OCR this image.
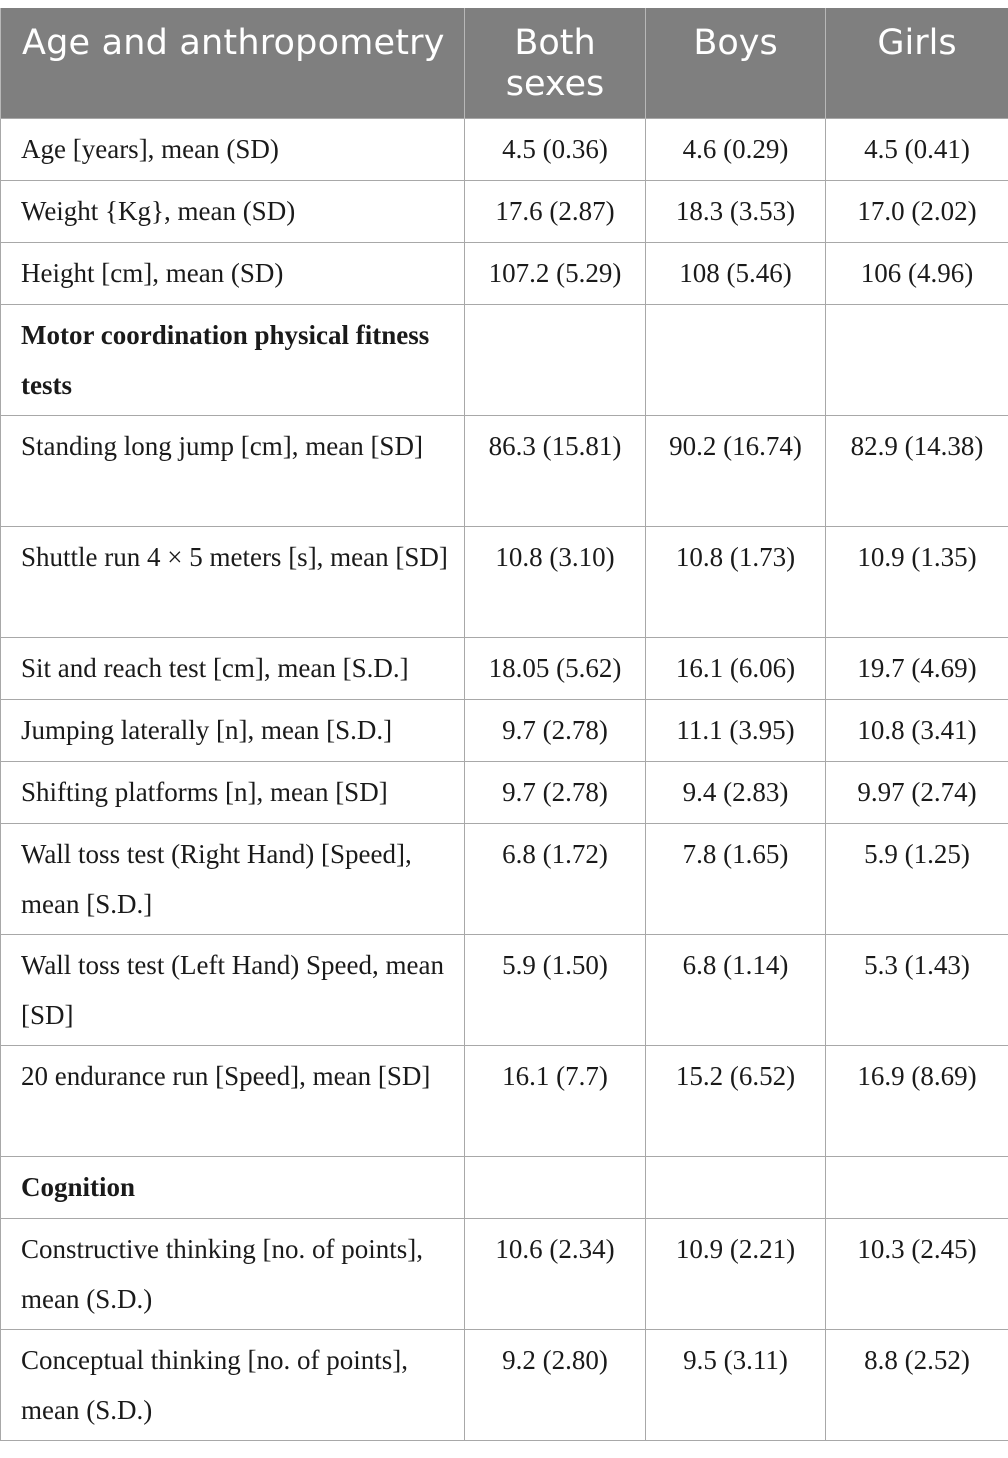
Age and anthropometry	Both sexes	Boys	Girls
Age [years], mean (SD)	4.5 (0.36)	4.6 (0.29)	4.5 (0.41)
Weight {Kg}, mean (SD)	17.6 (2.87)	18.3 (3.53)	17.0 (2.02)
Height [cm], mean (SD)	107.2 (5.29)	108 (5.46)	106 (4.96)
Motor coordination physical fitness tests			
Standing long jump [cm], mean [SD]	86.3 (15.81)	90.2 (16.74)	82.9 (14.38)
Shuttle run 4 × 5 meters [s], mean [SD]	10.8 (3.10)	10.8 (1.73)	10.9 (1.35)
Sit and reach test [cm], mean [S.D.]	18.05 (5.62)	16.1 (6.06)	19.7 (4.69)
Jumping laterally [n], mean [S.D.]	9.7 (2.78)	11.1 (3.95)	10.8 (3.41)
Shifting platforms [n], mean [SD]	9.7 (2.78)	9.4 (2.83)	9.97 (2.74)
Wall toss test (Right Hand) [Speed], mean [S.D.]	6.8 (1.72)	7.8 (1.65)	5.9 (1.25)
Wall toss test (Left Hand) Speed, mean [SD]	5.9 (1.50)	6.8 (1.14)	5.3 (1.43)
20 endurance run [Speed], mean [SD]	16.1 (7.7)	15.2 (6.52)	16.9 (8.69)
Cognition			
Constructive thinking [no. of points], mean (S.D.)	10.6 (2.34)	10.9 (2.21)	10.3 (2.45)
Conceptual thinking [no. of points], mean (S.D.)	9.2 (2.80)	9.5 (3.11)	8.8 (2.52)
